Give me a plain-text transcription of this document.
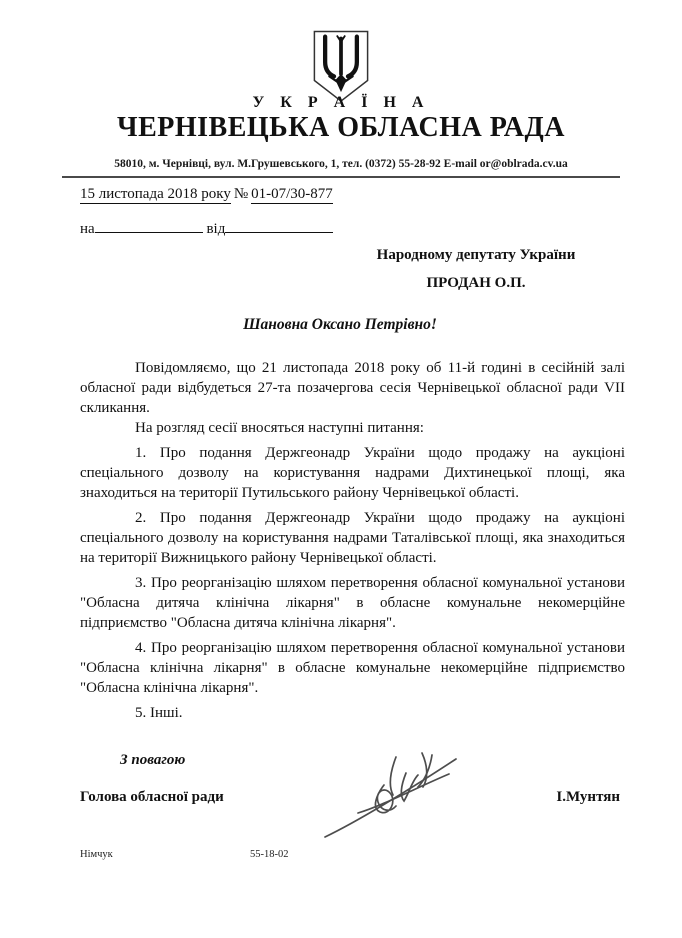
У К Р А Ї Н А
ЧЕРНІВЕЦЬКА ОБЛАСНА РАДА
58010, м. Чернівці, вул. М.Грушевського, 1, тел. (0372) 55-28-92 E-mail or@oblrada.cv.ua
15 листопада 2018 року № 01-07/30-877
на	від
Народному депутату України
ПРОДАН О.П.
Шановна Оксано Петрівно!

Повідомляємо, що 21 листопада 2018 року об 11-й годині в сесійній залі обласної ради відбудеться 27-та позачергова сесія Чернівецької обласної ради VII скликання.

На розгляд сесії вносяться наступні питання:

1. Про подання Держгеонадр України щодо продажу на аукціоні спеціального дозволу на користування надрами Дихтинецької площі, яка знаходиться на території Путильського району Чернівецької області.

2. Про подання Держгеонадр України щодо продажу на аукціоні спеціального дозволу на користування надрами Таталівської площі, яка знаходиться на території Вижницького району Чернівецької області.

3. Про реорганізацію шляхом перетворення обласної комунальної установи "Обласна дитяча клінічна лікарня" в обласне комунальне некомерційне підприємство "Обласна дитяча клінічна лікарня".

4. Про реорганізацію шляхом перетворення обласної комунальної установи "Обласна клінічна лікарня" в обласне комунальне некомерційне підприємство "Обласна клінічна лікарня".

5. Інші.

З повагою
Голова обласної ради	І.Мунтян
Німчук	55-18-02
